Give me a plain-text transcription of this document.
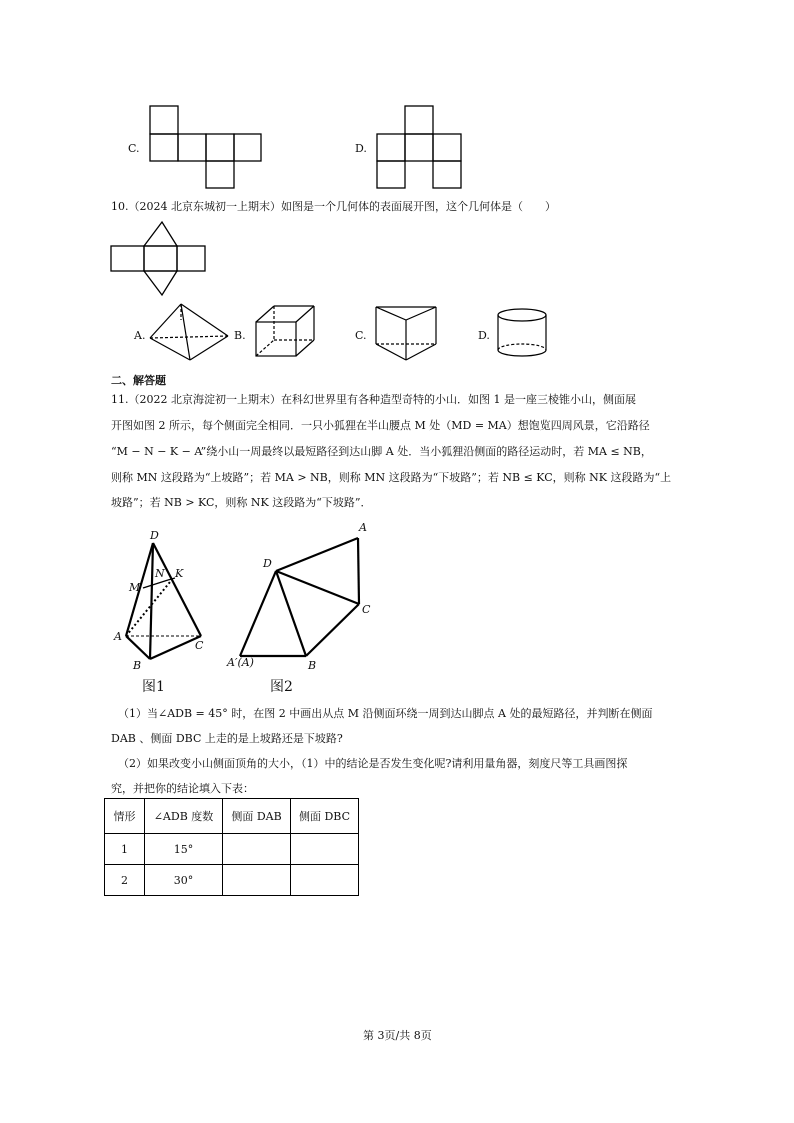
C.	D.
10.（2024 北京东城初一上期末）如图是一个几何体的表面展开图，这个几何体是（　　）
A.	B.	C.	D.
二、解答题
11.（2022 北京海淀初一上期末）在科幻世界里有各种造型奇特的小山．如图 1 是一座三棱锥小山，侧面展
开图如图 2 所示，每个侧面完全相同．一只小狐狸在半山腰点 M 处（MD = MA）想饱览四周风景，它沿路径
“M − N − K − A”绕小山一周最终以最短路径到达山脚 A 处．当小狐狸沿侧面的路径运动时，若 MA ≤ NB，
则称 MN 这段路为“上坡路”；若 MA > NB，则称 MN 这段路为“下坡路”；若 NB ≤ KC，则称 NK 这段路为“上
坡路”；若 NB > KC，则称 NK 这段路为“下坡路”．
D
M
N K
A
B
C
图1
A
D
C
A′(A)	B
图2
（1）当∠ADB = 45° 时，在图 2 中画出从点 M 沿侧面环绕一周到达山脚点 A 处的最短路径，并判断在侧面
DAB 、侧面 DBC 上走的是上坡路还是下坡路?
（2）如果改变小山侧面顶角的大小，（1）中的结论是否发生变化呢?请利用量角器，刻度尺等工具画图探
究，并把你的结论填入下表：
情形	∠ADB 度数	侧面 DAB	侧面 DBC
1	15°		
2	30°		
第 3页/共 8页
